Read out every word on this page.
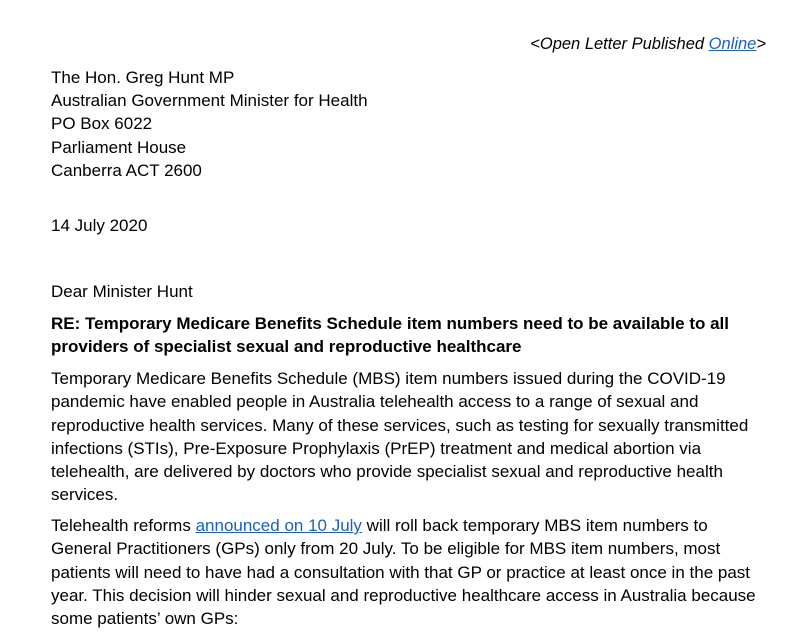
<Open Letter Published Online>
The Hon. Greg Hunt MP
Australian Government Minister for Health
PO Box 6022
Parliament House
Canberra ACT 2600
14 July 2020
Dear Minister Hunt
RE: Temporary Medicare Benefits Schedule item numbers need to be available to all providers of specialist sexual and reproductive healthcare
Temporary Medicare Benefits Schedule (MBS) item numbers issued during the COVID-19 pandemic have enabled people in Australia telehealth access to a range of sexual and reproductive health services. Many of these services, such as testing for sexually transmitted infections (STIs), Pre-Exposure Prophylaxis (PrEP) treatment and medical abortion via telehealth, are delivered by doctors who provide specialist sexual and reproductive health services.
Telehealth reforms announced on 10 July will roll back temporary MBS item numbers to General Practitioners (GPs) only from 20 July. To be eligible for MBS item numbers, most patients will need to have had a consultation with that GP or practice at least once in the past year. This decision will hinder sexual and reproductive healthcare access in Australia because some patients’ own GPs:
